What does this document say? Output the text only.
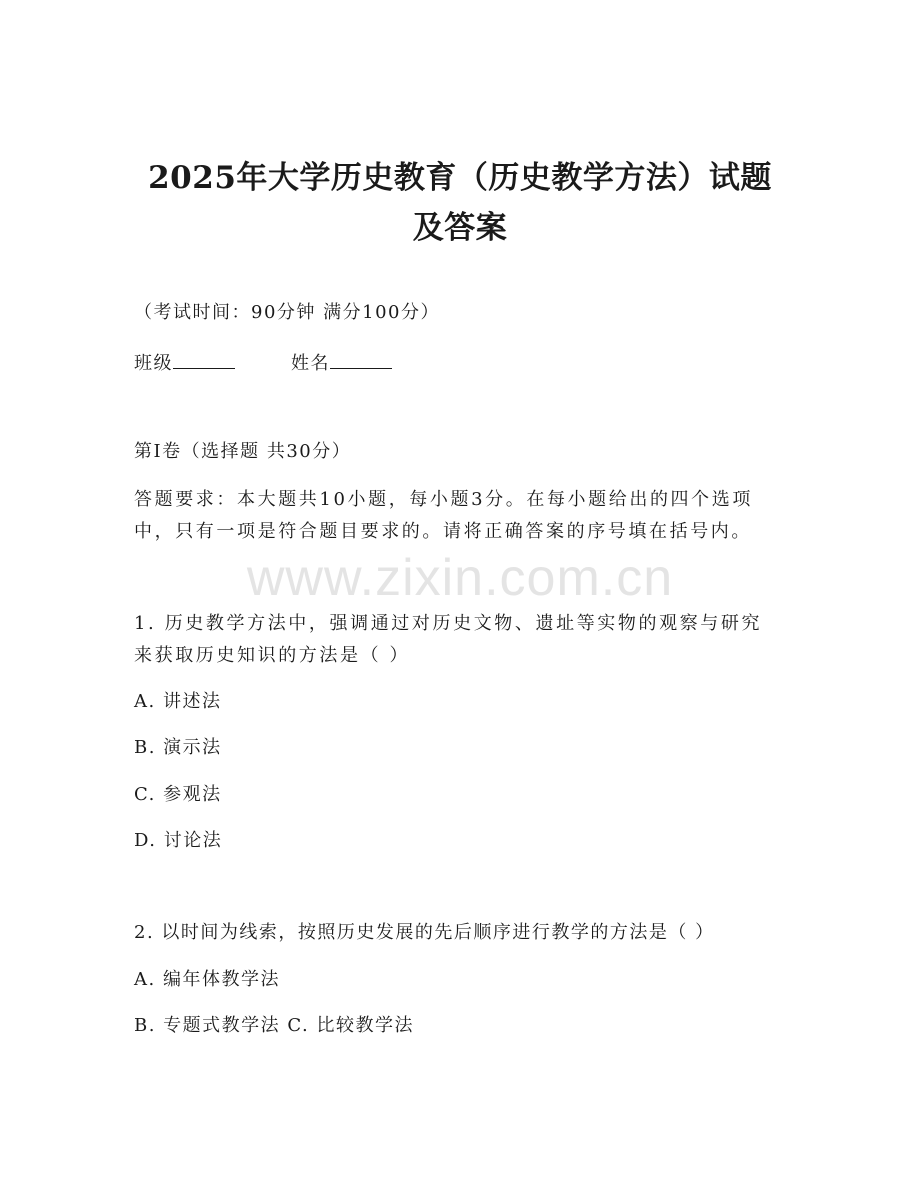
2025年大学历史教育（历史教学方法）试题
及答案
（考试时间：90分钟 满分100分）
班级	姓名
第I卷（选择题 共30分）
答题要求：本大题共10小题，每小题3分。在每小题给出的四个选项
中，只有一项是符合题目要求的。请将正确答案的序号填在括号内。
www.zixin.com.cn
1. 历史教学方法中，强调通过对历史文物、遗址等实物的观察与研究
来获取历史知识的方法是（ ）
A. 讲述法
B. 演示法
C. 参观法
D. 讨论法
2. 以时间为线索，按照历史发展的先后顺序进行教学的方法是（ ）
A. 编年体教学法
B. 专题式教学法 C. 比较教学法
